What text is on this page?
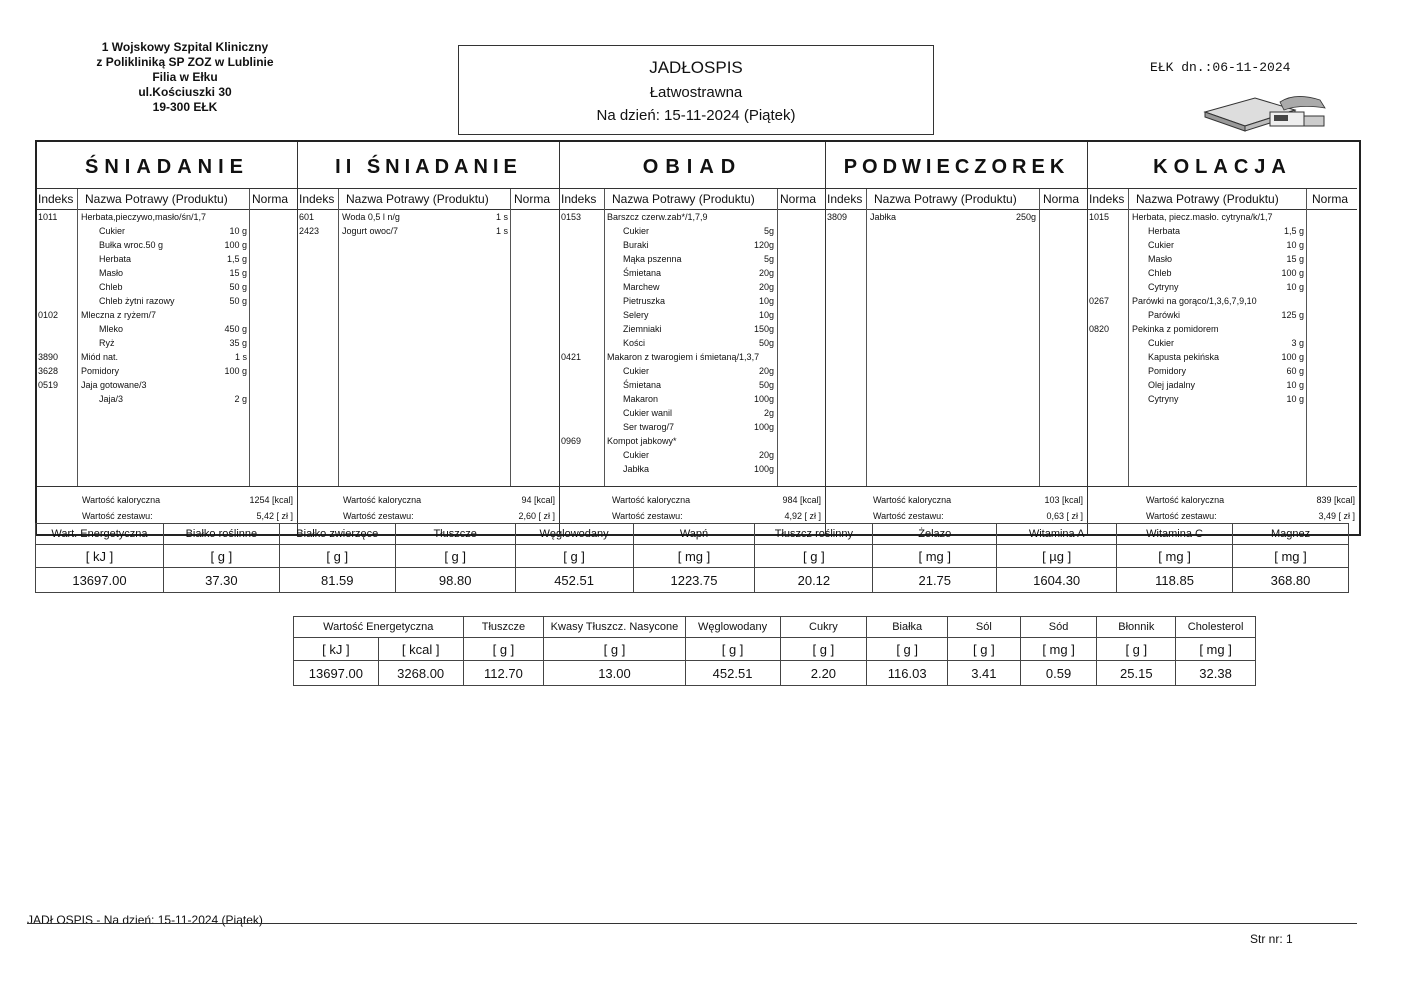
1 Wojskowy Szpital Kliniczny
z Polikliniką SP ZOZ w Lublinie
Filia w Ełku
ul.Kościuszki 30
19-300 EŁK
JADŁOSPIS
Łatwostrawna
Na dzień: 15-11-2024 (Piątek)
EŁK dn.:06-11-2024
ŚNIADANIE
Indeks Nazwa Potrawy (Produktu) Norma
1011	Herbata,pieczywo,masło/śn/1,7
Cukier	10 g
Bułka wroc.50 g	100 g
Herbata	1,5 g
Masło	15 g
Chleb	50 g
Chleb żytni razowy	50 g
0102	Mleczna z ryżem/7
Mleko	450 g
Ryż	35 g
3890	Miód nat.	1 s
3628	Pomidory	100 g
0519	Jaja gotowane/3
Jaja/3	2 g
Wartość kaloryczna	1254 [kcal]
Wartość zestawu:	5,42 [ zł ]
II ŚNIADANIE
Indeks Nazwa Potrawy (Produktu) Norma
601	Woda 0,5 l n/g	1 s
2423	Jogurt owoc/7	1 s
Wartość kaloryczna	94 [kcal]
Wartość zestawu:	2,60 [ zł ]
OBIAD
Indeks Nazwa Potrawy (Produktu) Norma
0153	Barszcz czerw.zab*/1,7,9
Cukier	5g
Buraki	120g
Mąka pszenna	5g
Śmietana	20g
Marchew	20g
Pietruszka	10g
Selery	10g
Ziemniaki	150g
Kości	50g
0421	Makaron z twarogiem i śmietaną/1,3,7
Cukier	20g
Śmietana	50g
Makaron	100g
Cukier wanil	2g
Ser twarog/7	100g
0969	Kompot jabkowy*
Cukier	20g
Jabłka	100g
Wartość kaloryczna	984 [kcal]
Wartość zestawu:	4,92 [ zł ]
PODWIECZOREK
Indeks Nazwa Potrawy (Produktu) Norma
3809	Jabłka	250g
Wartość kaloryczna	103 [kcal]
Wartość zestawu:	0,63 [ zł ]
KOLACJA
Indeks Nazwa Potrawy (Produktu)	Norma
1015	Herbata, piecz.masło. cytryna/k/1,7
Herbata	1,5 g
Cukier	10 g
Masło	15 g
Chleb	100 g
Cytryny	10 g
0267	Parówki na gorąco/1,3,6,7,9,10
Parówki	125 g
0820	Pekinka z pomidorem
Cukier	3 g
Kapusta pekińska	100 g
Pomidory	60 g
Olej jadalny	10 g
Cytryny	10 g
Wartość kaloryczna	839 [kcal]
Wartość zestawu:	3,49 [ zł ]
Wart. Energetyczna	Białko roślinne	Białko zwierzęce	Tłuszcze	Węglowodany	Wapń	Tłuszcz roślinny	Żelazo	Witamina A	Witamina C	Magnez
[ kJ ]	[ g ]	[ g ]	[ g ]	[ g ]	[ mg ]	[ g ]	[ mg ]	[ µg ]	[ mg ]	[ mg ]
13697.00	37.30	81.59	98.80	452.51	1223.75	20.12	21.75	1604.30	118.85	368.80
Wartość Energetyczna		Tłuszcze	Kwasy Tłuszcz. Nasycone	Węglowodany	Cukry	Białka	Sól	Sód	Błonnik	Cholesterol
[ kJ ]	[ kcal ]	[ g ]	[ g ]	[ g ]	[ g ]	[ g ]	[ g ]	[ mg ]	[ g ]	[ mg ]
13697.00	3268.00	112.70	13.00	452.51	2.20	116.03	3.41	0.59	25.15	32.38
JADŁOSPIS - Na dzień: 15-11-2024 (Piątek)
Str nr: 1
